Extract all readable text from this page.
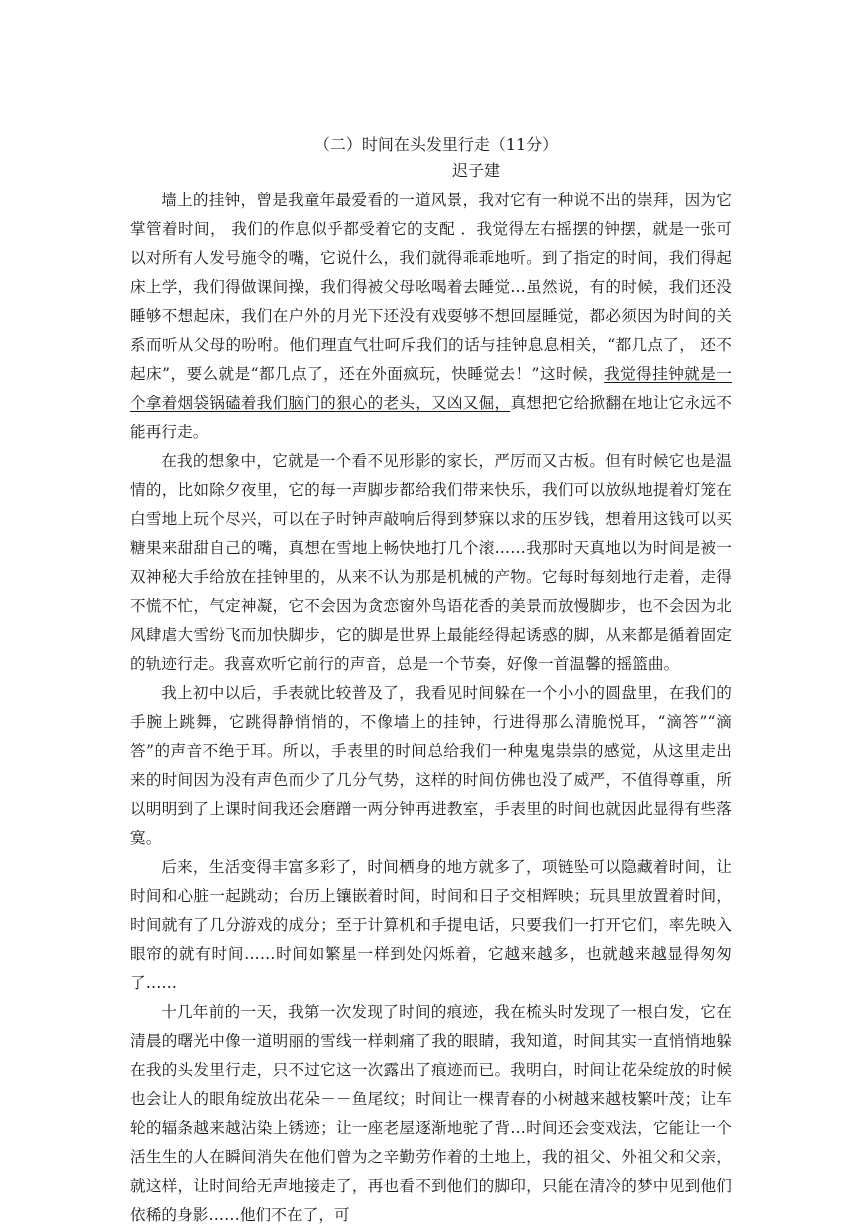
（二）时间在头发里行走（11分）

迟子建

墙上的挂钟，曾是我童年最爱看的一道风景，我对它有一种说不出的崇拜，因为它掌管着时间， 我们的作息似乎都受着它的支配 ．我觉得左右摇摆的钟摆，就是一张可以对所有人发号施令的嘴，它说什么，我们就得乖乖地听。到了指定的时间，我们得起床上学，我们得做课间操，我们得被父母吆喝着去睡觉…虽然说，有的时候，我们还没睡够不想起床，我们在户外的月光下还没有戏耍够不想回屋睡觉，都必须因为时间的关系而听从父母的吩咐。他们理直气壮呵斥我们的话与挂钟息息相关，“都几点了， 还不起床”，要么就是“都几点了，还在外面疯玩，快睡觉去！”这时候，我觉得挂钟就是一个拿着烟袋锅磕着我们脑门的狠心的老头，又凶又倔，真想把它给掀翻在地让它永远不能再行走。

在我的想象中，它就是一个看不见形影的家长，严厉而又古板。但有时候它也是温情的，比如除夕夜里，它的每一声脚步都给我们带来快乐，我们可以放纵地提着灯笼在白雪地上玩个尽兴，可以在子时钟声敲响后得到梦寐以求的压岁钱，想着用这钱可以买糖果来甜甜自己的嘴，真想在雪地上畅快地打几个滚……我那时天真地以为时间是被一双神秘大手给放在挂钟里的，从来不认为那是机械的产物。它每时每刻地行走着，走得不慌不忙，气定神凝，它不会因为贪恋窗外鸟语花香的美景而放慢脚步，也不会因为北风肆虐大雪纷飞而加快脚步，它的脚是世界上最能经得起诱惑的脚，从来都是循着固定的轨迹行走。我喜欢听它前行的声音，总是一个节奏，好像一首温馨的摇篮曲。

我上初中以后，手表就比较普及了，我看见时间躲在一个小小的圆盘里，在我们的手腕上跳舞，它跳得静悄悄的，不像墙上的挂钟，行进得那么清脆悦耳，“滴答”“滴答”的声音不绝于耳。所以，手表里的时间总给我们一种鬼鬼祟祟的感觉，从这里走出来的时间因为没有声色而少了几分气势，这样的时间仿佛也没了威严，不值得尊重，所以明明到了上课时间我还会磨蹭一两分钟再进教室，手表里的时间也就因此显得有些落寞。

后来，生活变得丰富多彩了，时间栖身的地方就多了，项链坠可以隐藏着时间，让时间和心脏一起跳动；台历上镶嵌着时间，时间和日子交相辉映；玩具里放置着时间，时间就有了几分游戏的成分；至于计算机和手提电话，只要我们一打开它们，率先映入眼帘的就有时间……时间如繁星一样到处闪烁着，它越来越多，也就越来越显得匆匆了……

十几年前的一天，我第一次发现了时间的痕迹，我在梳头时发现了一根白发，它在清晨的曙光中像一道明丽的雪线一样刺痛了我的眼睛，我知道，时间其实一直悄悄地躲在我的头发里行走，只不过它这一次露出了痕迹而已。我明白，时间让花朵绽放的时候也会让人的眼角绽放出花朵－－鱼尾纹；时间让一棵青春的小树越来越枝繁叶茂；让车轮的辐条越来越沾染上锈迹；让一座老屋逐渐地驼了背…时间还会变戏法，它能让一个活生生的人在瞬间消失在他们曾为之辛勤劳作着的土地上，我的祖父、外祖父和父亲，就这样，让时间给无声地接走了，再也看不到他们的脚印，只能在清冷的梦中见到他们依稀的身影……他们不在了，可
